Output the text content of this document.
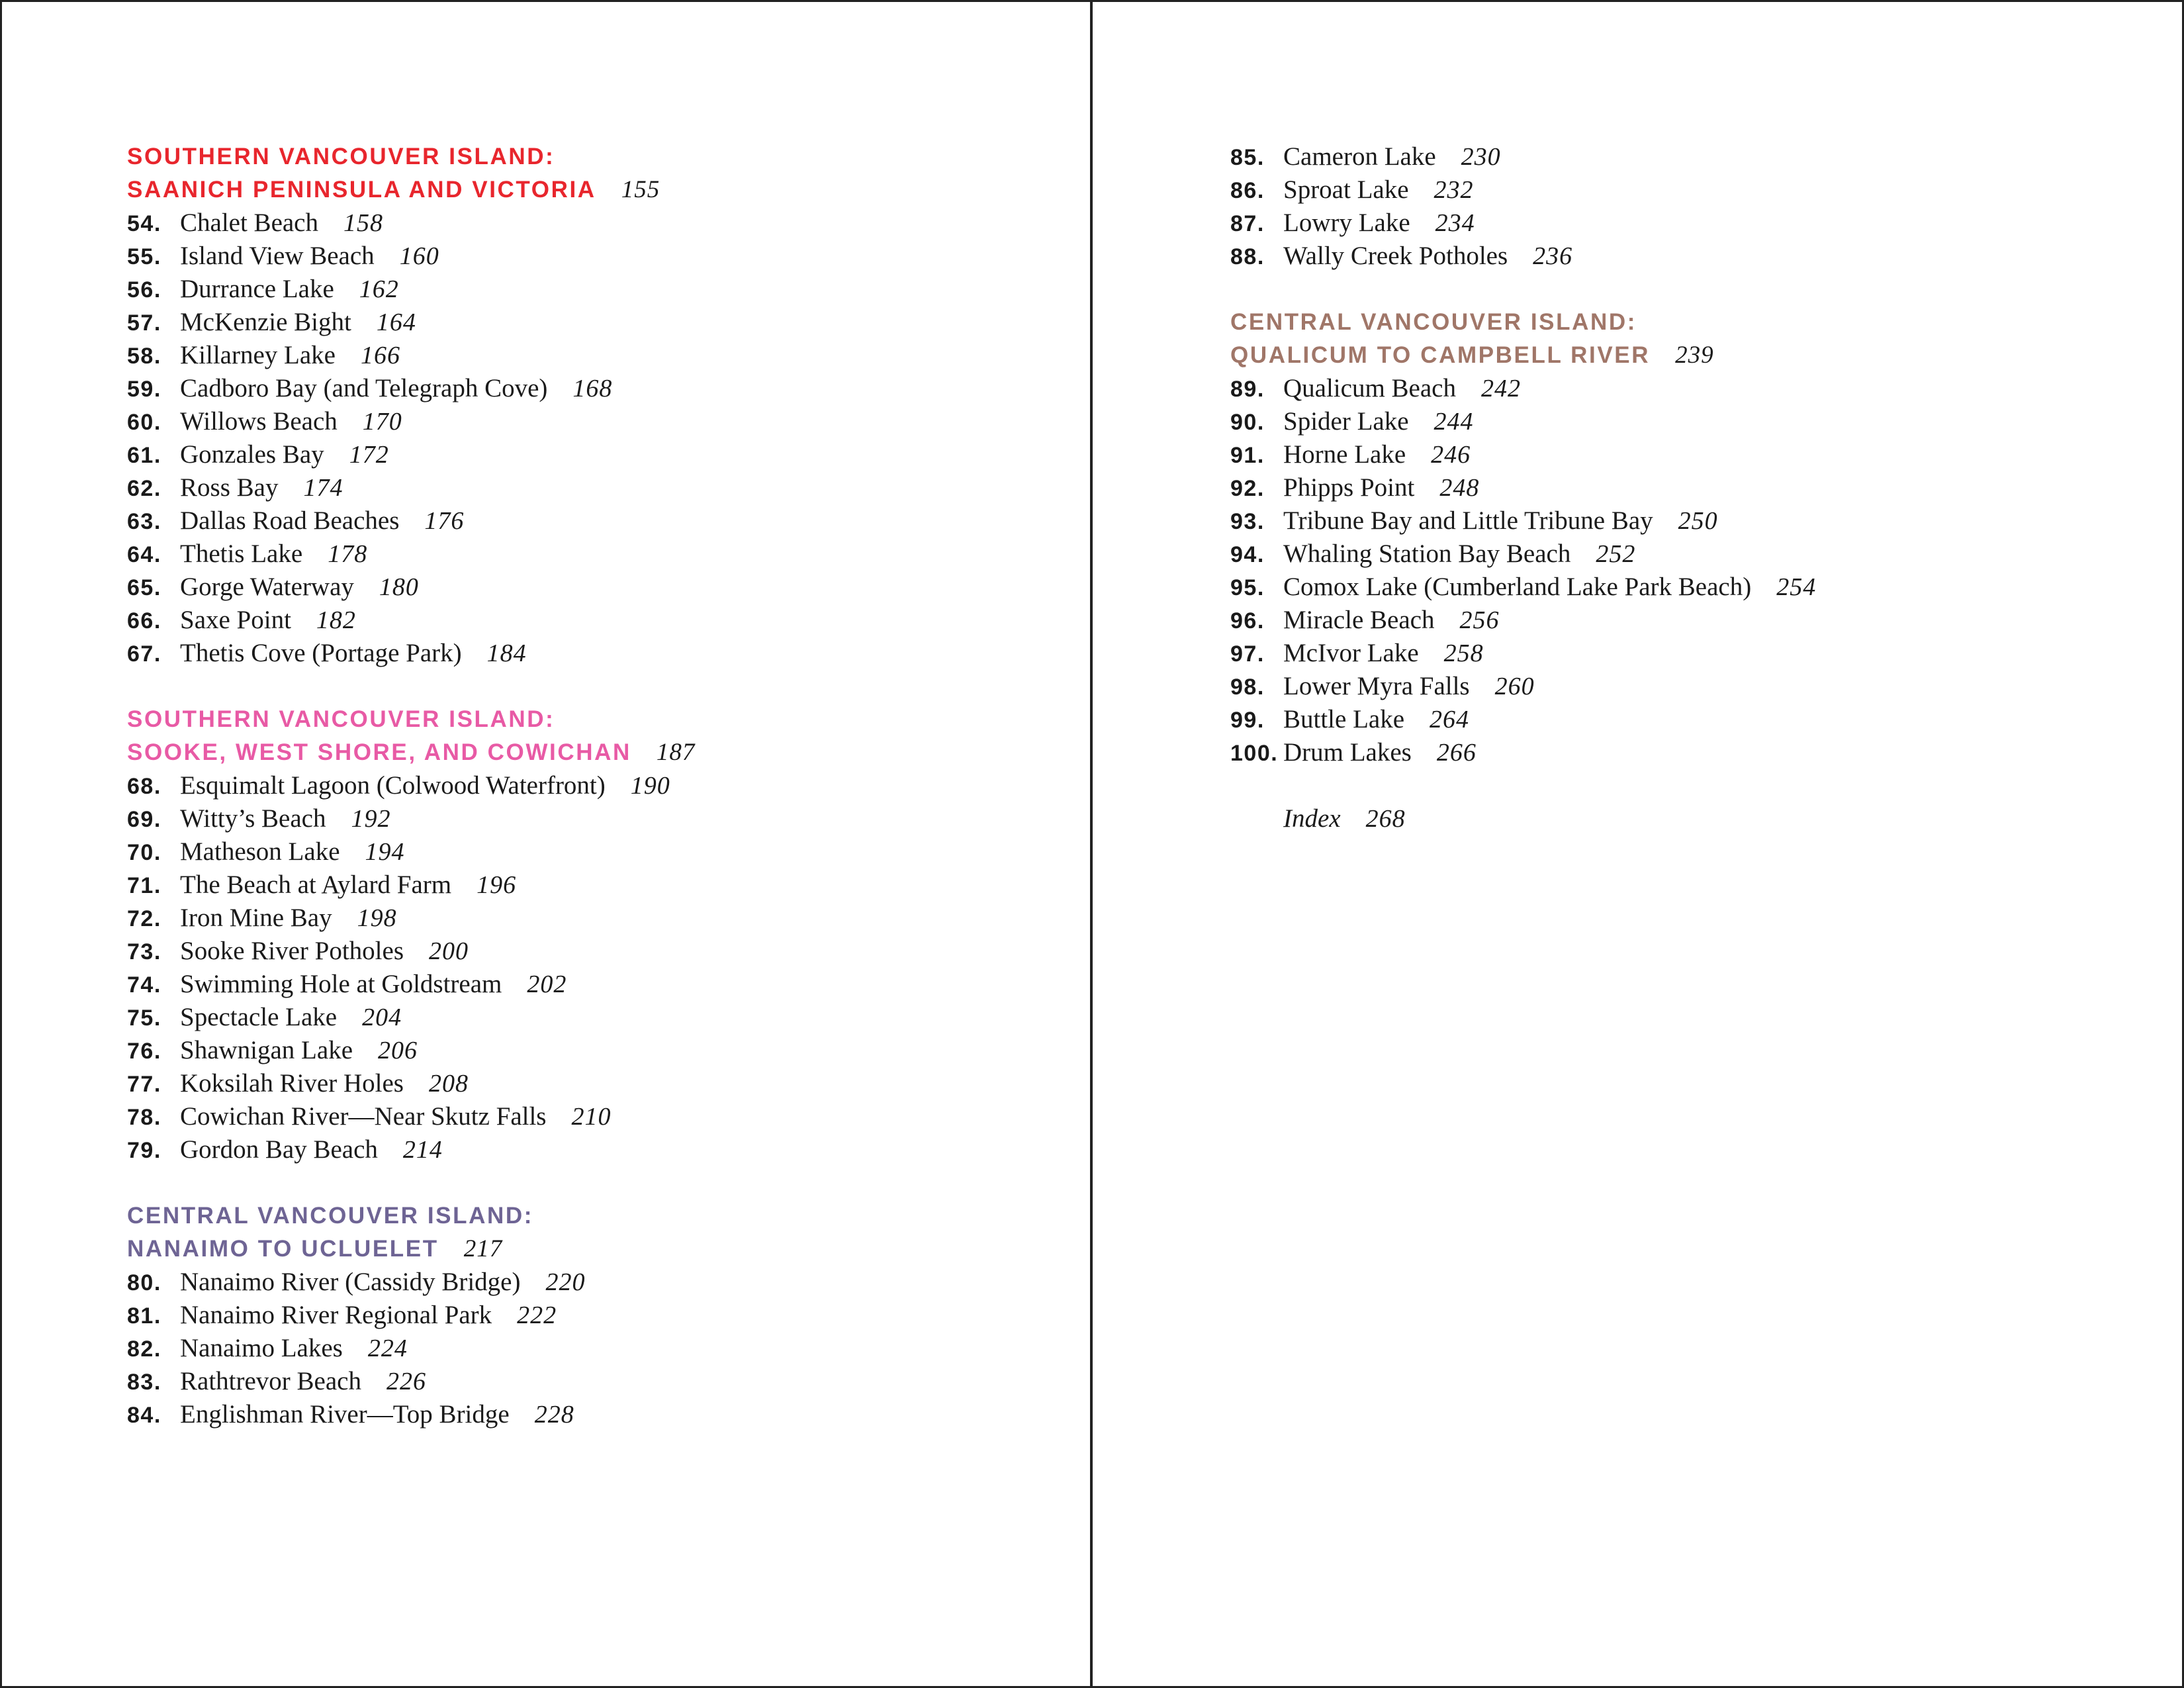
SOUTHERN VANCOUVER ISLAND:
SAANICH PENINSULA AND VICTORIA 155
54. Chalet Beach 158
55. Island View Beach 160
56. Durrance Lake 162
57. McKenzie Bight 164
58. Killarney Lake 166
59. Cadboro Bay (and Telegraph Cove) 168
60. Willows Beach 170
61. Gonzales Bay 172
62. Ross Bay 174
63. Dallas Road Beaches 176
64. Thetis Lake 178
65. Gorge Waterway 180
66. Saxe Point 182
67. Thetis Cove (Portage Park) 184
SOUTHERN VANCOUVER ISLAND:
SOOKE, WEST SHORE, AND COWICHAN 187
68. Esquimalt Lagoon (Colwood Waterfront) 190
69. Witty’s Beach 192
70. Matheson Lake 194
71. The Beach at Aylard Farm 196
72. Iron Mine Bay 198
73. Sooke River Potholes 200
74. Swimming Hole at Goldstream 202
75. Spectacle Lake 204
76. Shawnigan Lake 206
77. Koksilah River Holes 208
78. Cowichan River—Near Skutz Falls 210
79. Gordon Bay Beach 214
CENTRAL VANCOUVER ISLAND:
NANAIMO TO UCLUELET 217
80. Nanaimo River (Cassidy Bridge) 220
81. Nanaimo River Regional Park 222
82. Nanaimo Lakes 224
83. Rathtrevor Beach 226
84. Englishman River—Top Bridge 228
85. Cameron Lake 230
86. Sproat Lake 232
87. Lowry Lake 234
88. Wally Creek Potholes 236
CENTRAL VANCOUVER ISLAND:
QUALICUM TO CAMPBELL RIVER 239
89. Qualicum Beach 242
90. Spider Lake 244
91. Horne Lake 246
92. Phipps Point 248
93. Tribune Bay and Little Tribune Bay 250
94. Whaling Station Bay Beach 252
95. Comox Lake (Cumberland Lake Park Beach) 254
96. Miracle Beach 256
97. McIvor Lake 258
98. Lower Myra Falls 260
99. Buttle Lake 264
100. Drum Lakes 266
Index 268
